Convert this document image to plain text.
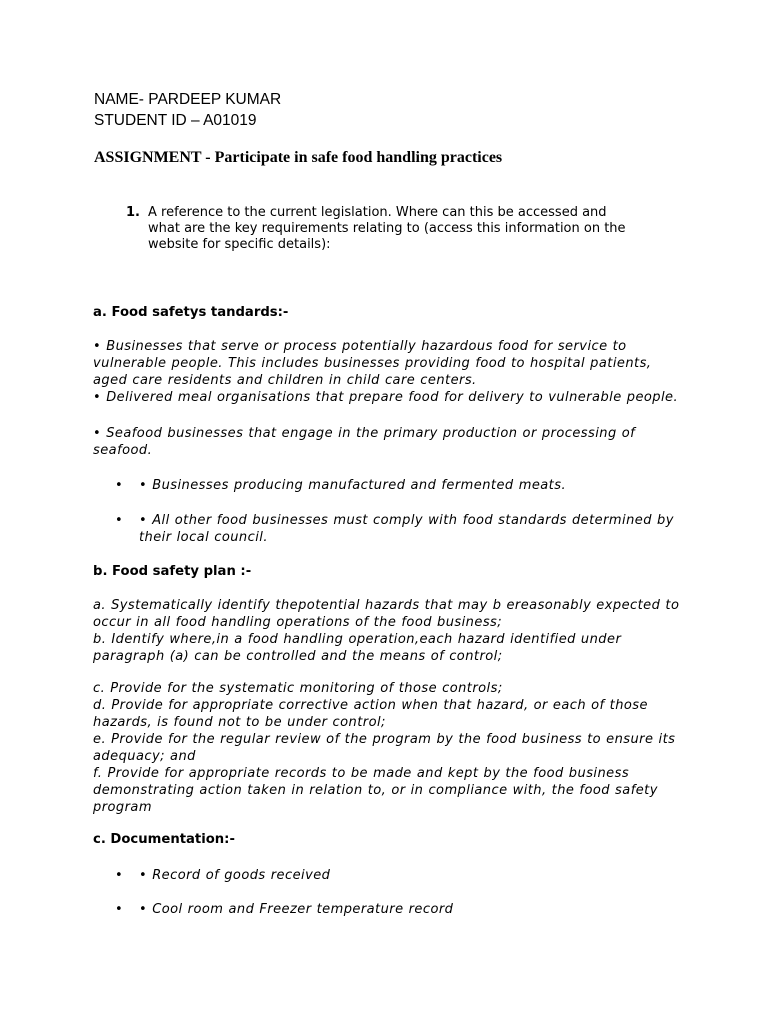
NAME- PARDEEP KUMAR
STUDENT ID – A01019
ASSIGNMENT - Participate in safe food handling practices
1. A reference to the current legislation. Where can this be accessed and
what are the key requirements relating to (access this information on the
website for specific details):
a. Food safetys tandards:-
• Businesses that serve or process potentially hazardous food for service to
vulnerable people. This includes businesses providing food to hospital patients,
aged care residents and children in child care centers.
• Delivered meal organisations that prepare food for delivery to vulnerable people.
• Seafood businesses that engage in the primary production or processing of
seafood.
• • Businesses producing manufactured and fermented meats.
• • All other food businesses must comply with food standards determined by
their local council.
b. Food safety plan :-
a. Systematically identify thepotential hazards that may b ereasonably expected to
occur in all food handling operations of the food business;
b. Identify where,in a food handling operation,each hazard identified under
paragraph (a) can be controlled and the means of control;
c. Provide for the systematic monitoring of those controls;
d. Provide for appropriate corrective action when that hazard, or each of those
hazards, is found not to be under control;
e. Provide for the regular review of the program by the food business to ensure its
adequacy; and
f. Provide for appropriate records to be made and kept by the food business
demonstrating action taken in relation to, or in compliance with, the food safety
program
c. Documentation:-
• • Record of goods received
• • Cool room and Freezer temperature record
